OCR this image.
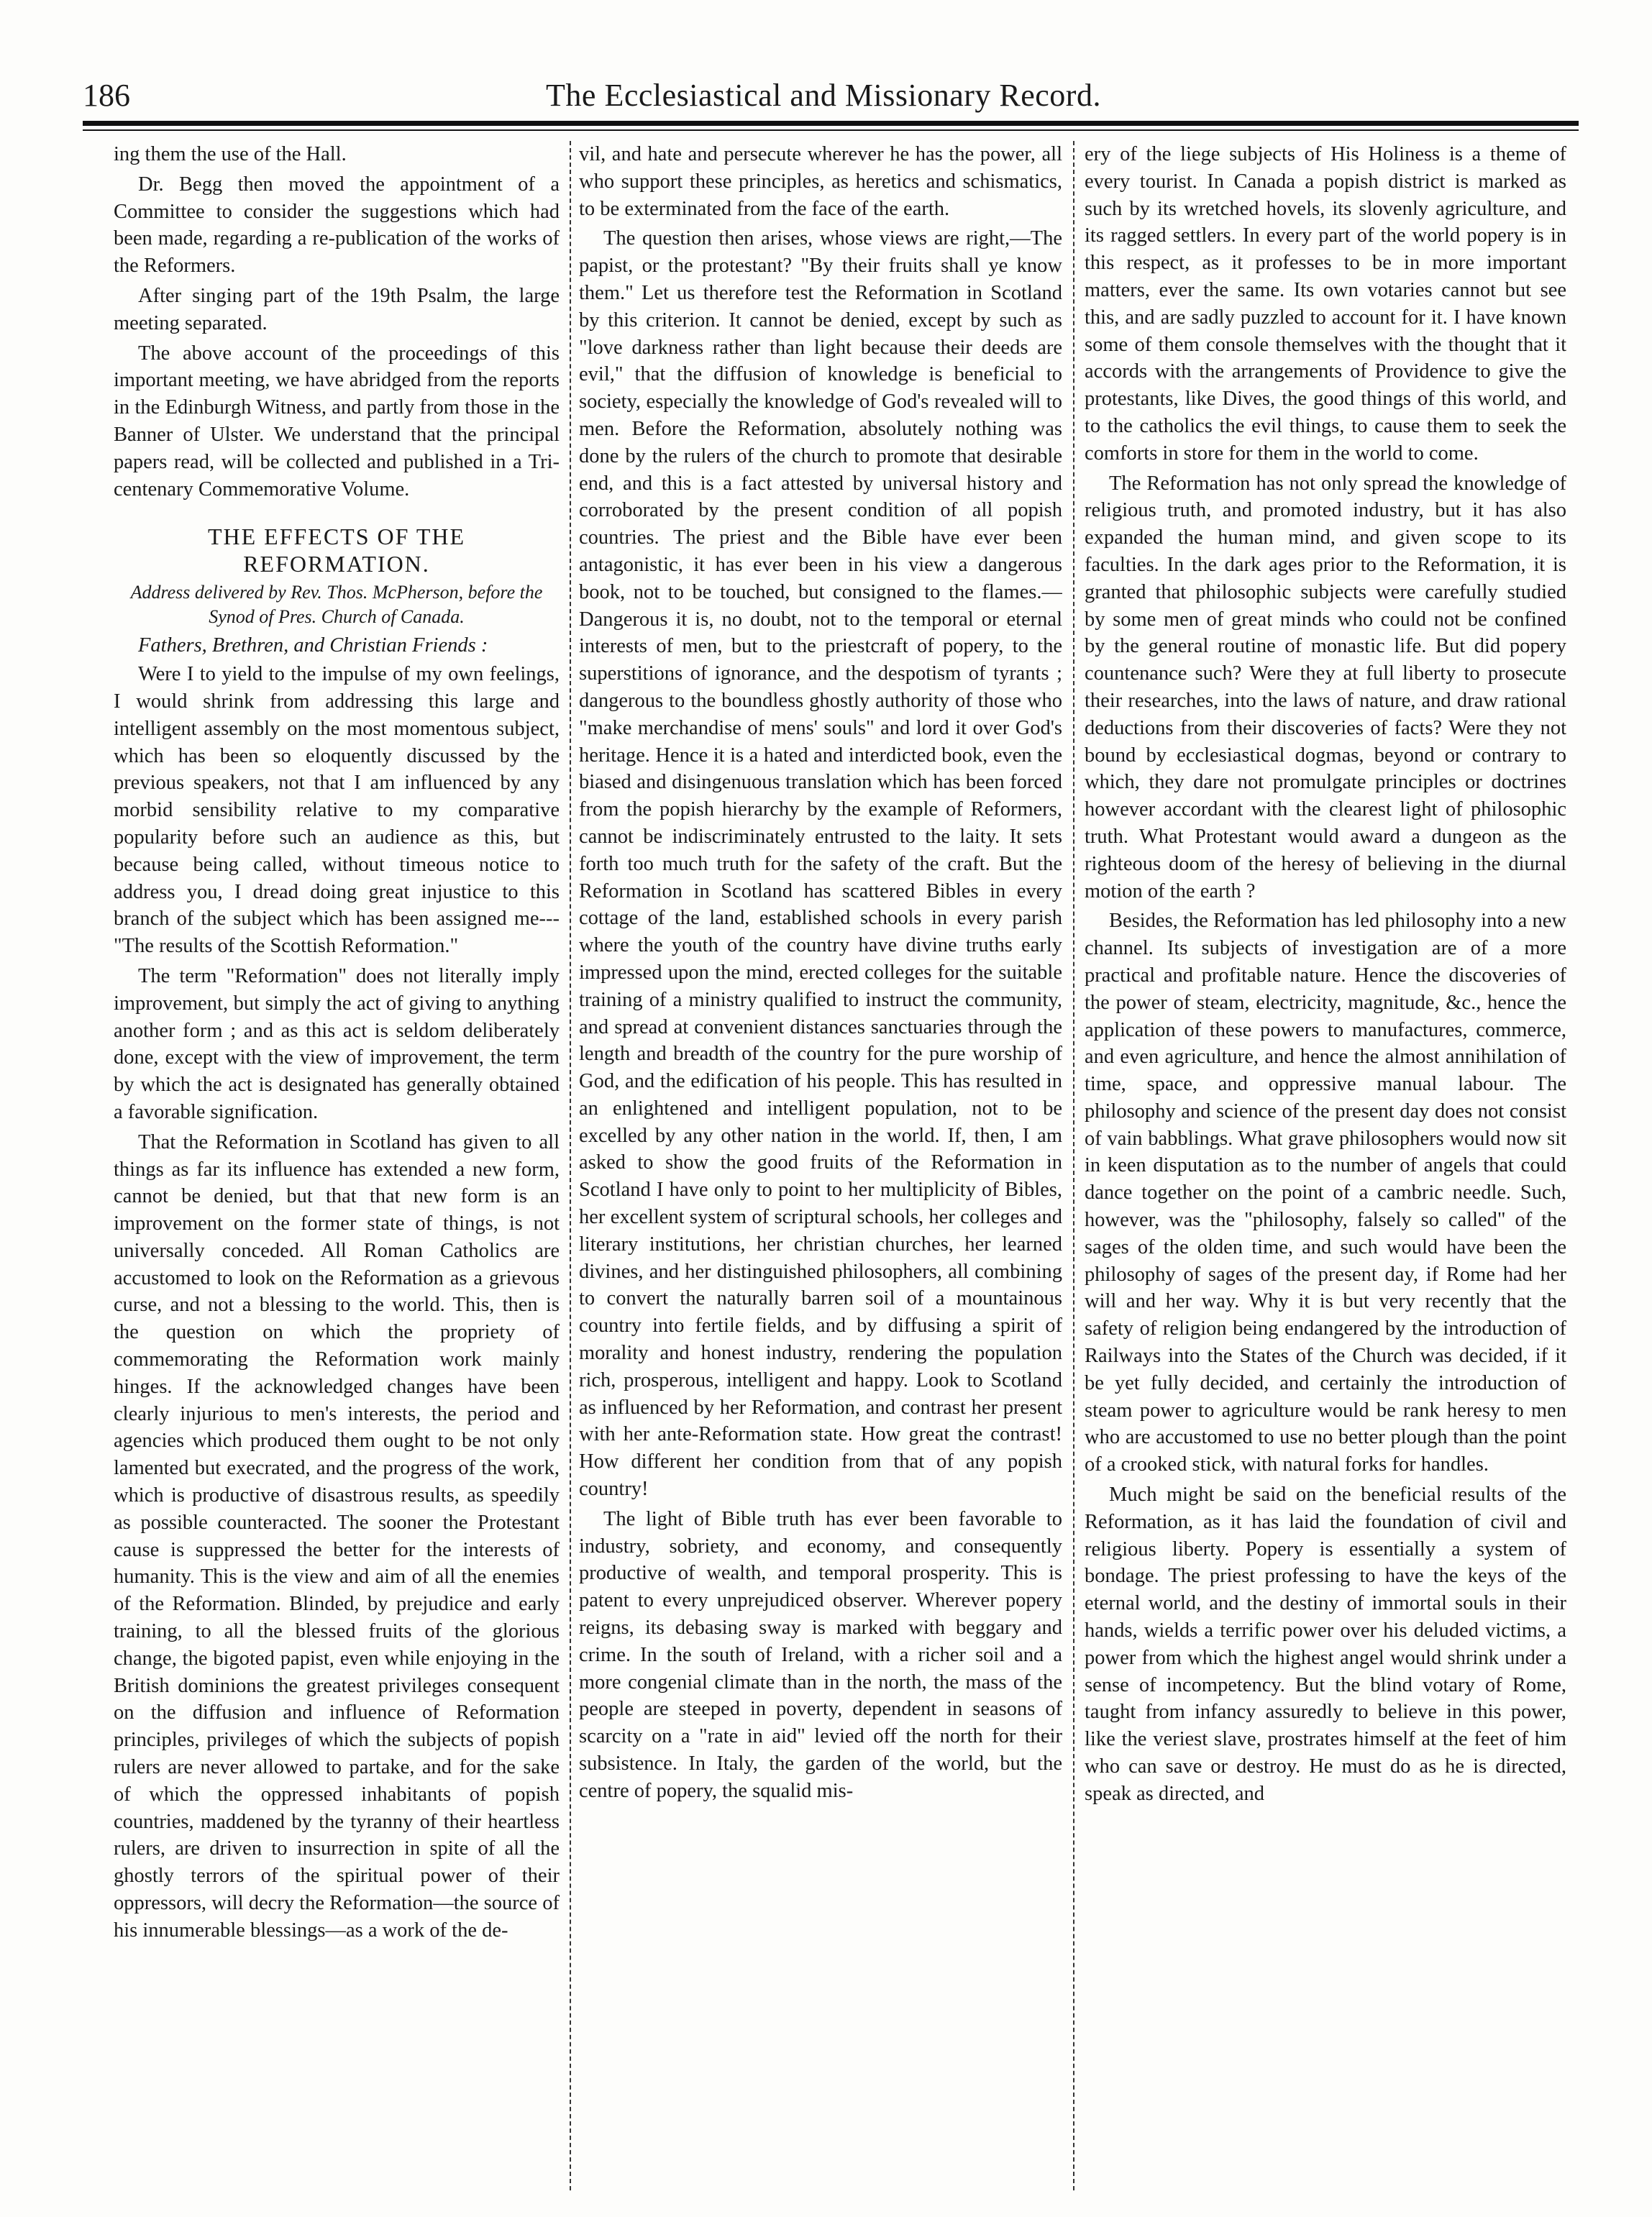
186	The Ecclesiastical and Missionary Record.

ing them the use of the Hall.

Dr. Begg then moved the appointment of a Committee to consider the suggestions which had been made, regarding a re-publication of the works of the Reformers.

After singing part of the 19th Psalm, the large meeting separated.

The above account of the proceedings of this important meeting, we have abridged from the reports in the Edinburgh Witness, and partly from those in the Banner of Ulster. We understand that the principal papers read, will be collected and published in a Tri-centenary Commemorative Volume.

THE EFFECTS OF THE REFORMATION.
Address delivered by Rev. Thos. McPherson, before the Synod of Pres. Church of Canada.
Fathers, Brethren, and Christian Friends :

Were I to yield to the impulse of my own feelings, I would shrink from addressing this large and intelligent assembly on the most momentous subject, which has been so eloquently discussed by the previous speakers, not that I am influenced by any morbid sensibility relative to my comparative popularity before such an audience as this, but because being called, without timeous notice to address you, I dread doing great injustice to this branch of the subject which has been assigned me---"The results of the Scottish Reformation."

The term "Reformation" does not literally imply improvement, but simply the act of giving to anything another form ; and as this act is seldom deliberately done, except with the view of improvement, the term by which the act is designated has generally obtained a favorable signification.

That the Reformation in Scotland has given to all things as far its influence has extended a new form, cannot be denied, but that that new form is an improvement on the former state of things, is not universally conceded. All Roman Catholics are accustomed to look on the Reformation as a grievous curse, and not a blessing to the world. This, then is the question on which the propriety of commemorating the Reformation work mainly hinges. If the acknowledged changes have been clearly injurious to men's interests, the period and agencies which produced them ought to be not only lamented but execrated, and the progress of the work, which is productive of disastrous results, as speedily as possible counteracted. The sooner the Protestant cause is suppressed the better for the interests of humanity. This is the view and aim of all the enemies of the Reformation. Blinded, by prejudice and early training, to all the blessed fruits of the glorious change, the bigoted papist, even while enjoying in the British dominions the greatest privileges consequent on the diffusion and influence of Reformation principles, privileges of which the subjects of popish rulers are never allowed to partake, and for the sake of which the oppressed inhabitants of popish countries, maddened by the tyranny of their heartless rulers, are driven to insurrection in spite of all the ghostly terrors of the spiritual power of their oppressors, will decry the Reformation—the source of his innumerable blessings—as a work of the de-

vil, and hate and persecute wherever he has the power, all who support these principles, as heretics and schismatics, to be exterminated from the face of the earth.

The question then arises, whose views are right,—The papist, or the protestant? "By their fruits shall ye know them." Let us therefore test the Reformation in Scotland by this criterion. It cannot be denied, except by such as "love darkness rather than light because their deeds are evil," that the diffusion of knowledge is beneficial to society, especially the knowledge of God's revealed will to men. Before the Reformation, absolutely nothing was done by the rulers of the church to promote that desirable end, and this is a fact attested by universal history and corroborated by the present condition of all popish countries. The priest and the Bible have ever been antagonistic, it has ever been in his view a dangerous book, not to be touched, but consigned to the flames.— Dangerous it is, no doubt, not to the temporal or eternal interests of men, but to the priestcraft of popery, to the superstitions of ignorance, and the despotism of tyrants ; dangerous to the boundless ghostly authority of those who "make merchandise of mens' souls" and lord it over God's heritage. Hence it is a hated and interdicted book, even the biased and disingenuous translation which has been forced from the popish hierarchy by the example of Reformers, cannot be indiscriminately entrusted to the laity. It sets forth too much truth for the safety of the craft. But the Reformation in Scotland has scattered Bibles in every cottage of the land, established schools in every parish where the youth of the country have divine truths early impressed upon the mind, erected colleges for the suitable training of a ministry qualified to instruct the community, and spread at convenient distances sanctuaries through the length and breadth of the country for the pure worship of God, and the edification of his people. This has resulted in an enlightened and intelligent population, not to be excelled by any other nation in the world. If, then, I am asked to show the good fruits of the Reformation in Scotland I have only to point to her multiplicity of Bibles, her excellent system of scriptural schools, her colleges and literary institutions, her christian churches, her learned divines, and her distinguished philosophers, all combining to convert the naturally barren soil of a mountainous country into fertile fields, and by diffusing a spirit of morality and honest industry, rendering the population rich, prosperous, intelligent and happy. Look to Scotland as influenced by her Reformation, and contrast her present with her ante-Reformation state. How great the contrast! How different her condition from that of any popish country!

The light of Bible truth has ever been favorable to industry, sobriety, and economy, and consequently productive of wealth, and temporal prosperity. This is patent to every unprejudiced observer. Wherever popery reigns, its debasing sway is marked with beggary and crime. In the south of Ireland, with a richer soil and a more congenial climate than in the north, the mass of the people are steeped in poverty, dependent in seasons of scarcity on a "rate in aid" levied off the north for their subsistence. In Italy, the garden of the world, but the centre of popery, the squalid mis-

ery of the liege subjects of His Holiness is a theme of every tourist. In Canada a popish district is marked as such by its wretched hovels, its slovenly agriculture, and its ragged settlers. In every part of the world popery is in this respect, as it professes to be in more important matters, ever the same. Its own votaries cannot but see this, and are sadly puzzled to account for it. I have known some of them console themselves with the thought that it accords with the arrangements of Providence to give the protestants, like Dives, the good things of this world, and to the catholics the evil things, to cause them to seek the comforts in store for them in the world to come.

The Reformation has not only spread the knowledge of religious truth, and promoted industry, but it has also expanded the human mind, and given scope to its faculties. In the dark ages prior to the Reformation, it is granted that philosophic subjects were carefully studied by some men of great minds who could not be confined by the general routine of monastic life. But did popery countenance such? Were they at full liberty to prosecute their researches, into the laws of nature, and draw rational deductions from their discoveries of facts? Were they not bound by ecclesiastical dogmas, beyond or contrary to which, they dare not promulgate principles or doctrines however accordant with the clearest light of philosophic truth. What Protestant would award a dungeon as the righteous doom of the heresy of believing in the diurnal motion of the earth ?

Besides, the Reformation has led philosophy into a new channel. Its subjects of investigation are of a more practical and profitable nature. Hence the discoveries of the power of steam, electricity, magnitude, &c., hence the application of these powers to manufactures, commerce, and even agriculture, and hence the almost annihilation of time, space, and oppressive manual labour. The philosophy and science of the present day does not consist of vain babblings. What grave philosophers would now sit in keen disputation as to the number of angels that could dance together on the point of a cambric needle. Such, however, was the "philosophy, falsely so called" of the sages of the olden time, and such would have been the philosophy of sages of the present day, if Rome had her will and her way. Why it is but very recently that the safety of religion being endangered by the introduction of Railways into the States of the Church was decided, if it be yet fully decided, and certainly the introduction of steam power to agriculture would be rank heresy to men who are accustomed to use no better plough than the point of a crooked stick, with natural forks for handles.

Much might be said on the beneficial results of the Reformation, as it has laid the foundation of civil and religious liberty. Popery is essentially a system of bondage. The priest professing to have the keys of the eternal world, and the destiny of immortal souls in their hands, wields a terrific power over his deluded victims, a power from which the highest angel would shrink under a sense of incompetency. But the blind votary of Rome, taught from infancy assuredly to believe in this power, like the veriest slave, prostrates himself at the feet of him who can save or destroy. He must do as he is directed, speak as directed, and
